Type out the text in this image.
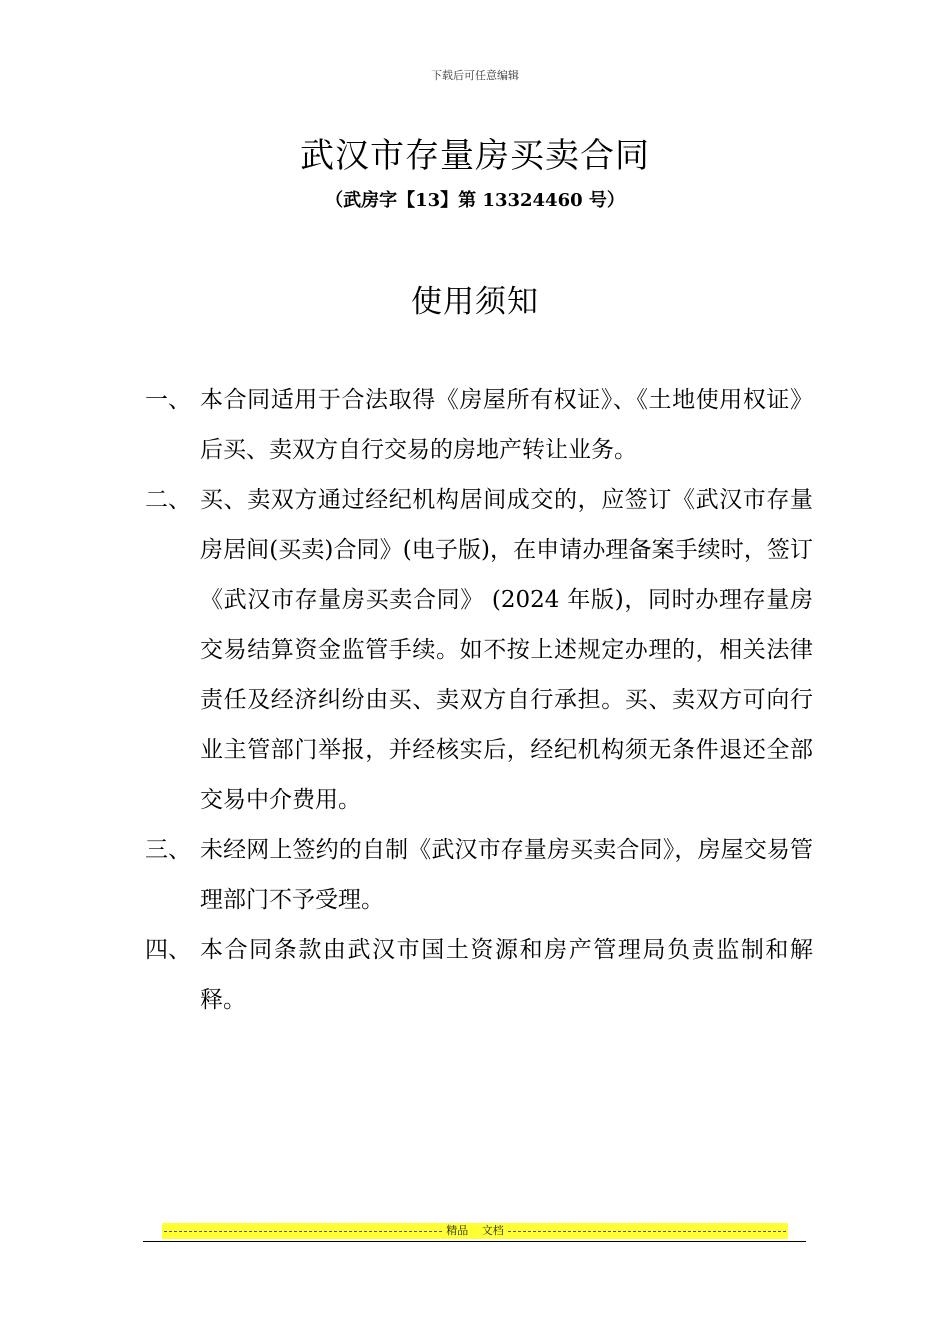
下载后可任意编辑
武汉市存量房买卖合同
（武房字【13】第 13324460 号）
使用须知
一、 本合同适用于合法取得《房屋所有权证》、《土地使用权证》后买、卖双方自行交易的房地产转让业务。
二、 买、卖双方通过经纪机构居间成交的，应签订《武汉市存量房居间(买卖)合同》(电子版)，在申请办理备案手续时，签订《武汉市存量房买卖合同》 (2024 年版)，同时办理存量房交易结算资金监管手续。如不按上述规定办理的，相关法律责任及经济纠纷由买、卖双方自行承担。买、卖双方可向行业主管部门举报，并经核实后，经纪机构须无条件退还全部交易中介费用。
三、 未经网上签约的自制《武汉市存量房买卖合同》，房屋交易管理部门不予受理。
四、 本合同条款由武汉市国土资源和房产管理局负责监制和解释。
精品 文档
